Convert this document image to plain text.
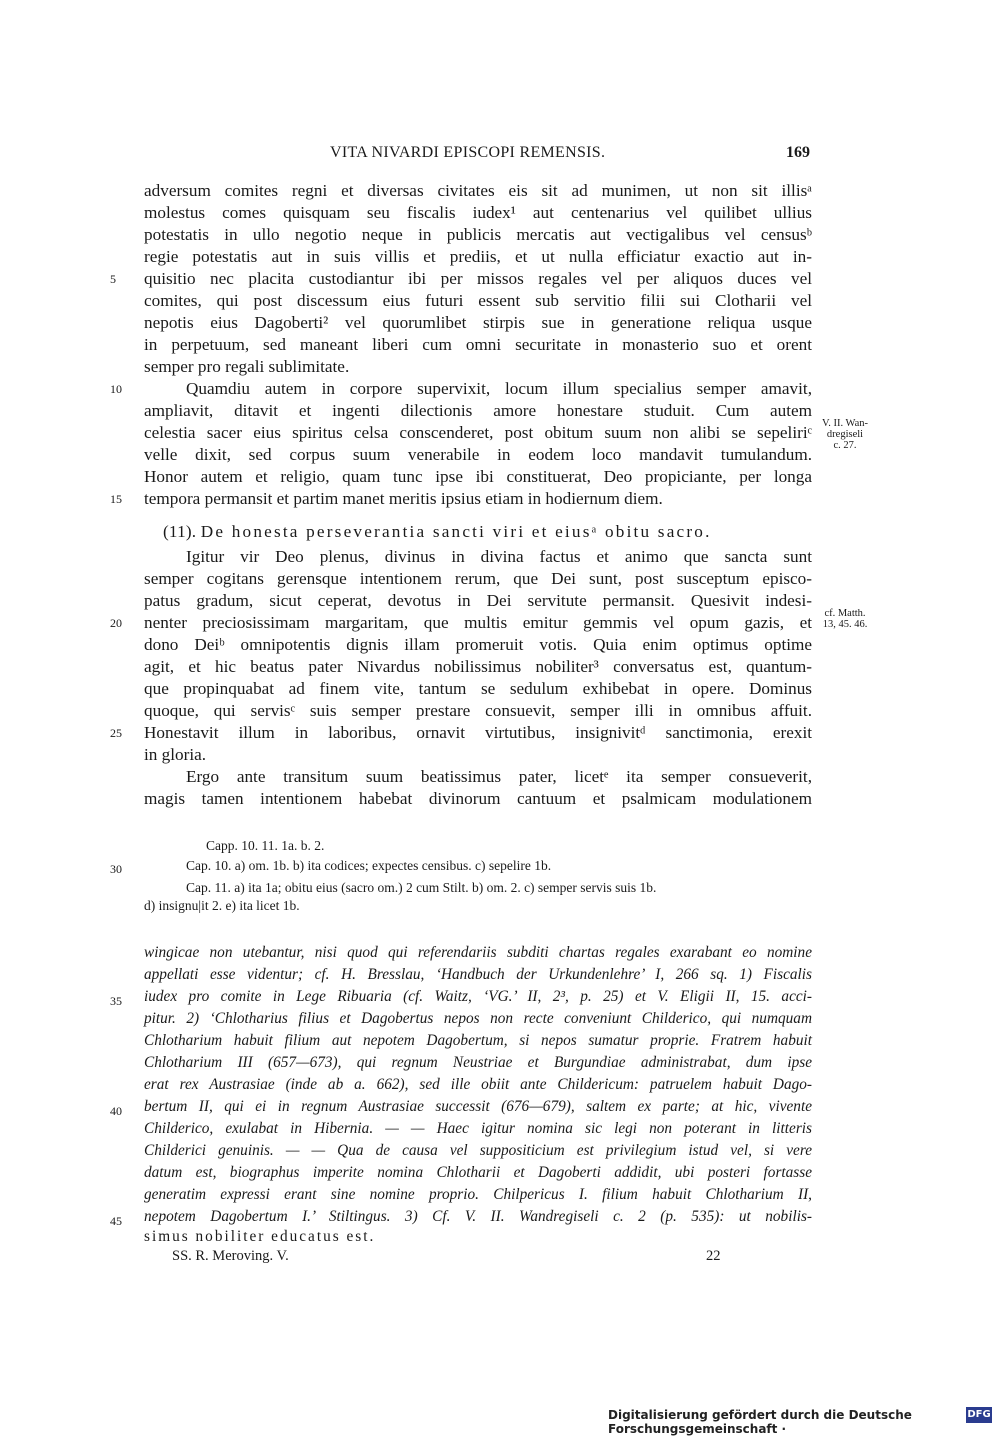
VITA NIVARDI EPISCOPI REMENSIS.	169
adversum comites regni et diversas civitates eis sit ad munimen, ut non sit illisᵃ
molestus comes quisquam seu fiscalis iudex¹ aut centenarius vel quilibet ullius
potestatis in ullo negotio neque in publicis mercatis aut vectigalibus vel censusᵇ
regie potestatis aut in suis villis et prediis, et ut nulla efficiatur exactio aut in-
quisitio nec placita custodiantur ibi per missos regales vel per aliquos duces vel
comites, qui post discessum eius futuri essent sub servitio filii sui Clotharii vel
nepotis eius Dagoberti² vel quorumlibet stirpis sue in generatione reliqua usque
in perpetuum, sed maneant liberi cum omni securitate in monasterio suo et orent
semper pro regali sublimitate.
Quamdiu autem in corpore supervixit, locum illum specialius semper amavit,
ampliavit, ditavit et ingenti dilectionis amore honestare studuit. Cum autem
celestia sacer eius spiritus celsa conscenderet, post obitum suum non alibi se sepeliriᶜ
velle dixit, sed corpus suum venerabile in eodem loco mandavit tumulandum.
Honor autem et religio, quam tunc ipse ibi constituerat, Deo propiciante, per longa
tempora permansit et partim manet meritis ipsius etiam in hodiernum diem.
(11). De honesta perseverantia sancti viri et eiusᵃ obitu sacro.
Igitur vir Deo plenus, divinus in divina factus et animo que sancta sunt
semper cogitans gerensque intentionem rerum, que Dei sunt, post susceptum episco-
patus gradum, sicut ceperat, devotus in Dei servitute permansit. Quesivit indesi-
nenter preciosissimam margaritam, que multis emitur gemmis vel opum gazis, et
dono Deiᵇ omnipotentis dignis illam promeruit votis. Quia enim optimus optime
agit, et hic beatus pater Nivardus nobilissimus nobiliter³ conversatus est, quantum-
que propinquabat ad finem vite, tantum se sedulum exhibebat in opere. Dominus
quoque, qui servisᶜ suis semper prestare consuevit, semper illi in omnibus affuit.
Honestavit illum in laboribus, ornavit virtutibus, insignivitᵈ sanctimonia, erexit
in gloria.
Ergo ante transitum suum beatissimus pater, licetᵉ ita semper consueverit,
magis tamen intentionem habebat divinorum cantuum et psalmicam modulationem
5
10
15
20
25
30
35
40
45
V. II. Wan-
dregiseli
c. 27.
cf. Matth.
13, 45. 46.
Capp. 10. 11. 1a. b. 2.
Cap. 10. a) om. 1b. b) ita codices; expectes censibus. c) sepelire 1b.
Cap. 11. a) ita 1a; obitu eius (sacro om.) 2 cum Stilt. b) om. 2. c) semper servis suis 1b.
d) insignu|it 2. e) ita licet 1b.
wingicae non utebantur, nisi quod qui referendariis subditi chartas regales exarabant eo nomine
appellati esse videntur; cf. H. Bresslau, ‘Handbuch der Urkundenlehre’ I, 266 sq. 1) Fiscalis
iudex pro comite in Lege Ribuaria (cf. Waitz, ‘VG.’ II, 2³, p. 25) et V. Eligii II, 15. acci-
pitur. 2) ‘Chlotharius filius et Dagobertus nepos non recte conveniunt Childerico, qui numquam
Chlotharium habuit filium aut nepotem Dagobertum, si nepos sumatur proprie. Fratrem habuit
Chlotharium III (657—673), qui regnum Neustriae et Burgundiae administrabat, dum ipse
erat rex Austrasiae (inde ab a. 662), sed ille obiit ante Childericum: patruelem habuit Dago-
bertum II, qui ei in regnum Austrasiae successit (676—679), saltem ex parte; at hic, vivente
Childerico, exulabat in Hibernia. — — Haec igitur nomina sic legi non poterant in litteris
Childerici genuinis. — — Qua de causa vel suppositicium est privilegium istud vel, si vere
datum est, biographus imperite nomina Chlotharii et Dagoberti addidit, ubi posteri fortasse
generatim expressi erant sine nomine proprio. Chilpericus I. filium habuit Chlotharium II,
nepotem Dagobertum I.’ Stiltingus. 3) Cf. V. II. Wandregiseli c. 2 (p. 535): ut nobilis-
simus nobiliter educatus est.
SS. R. Meroving. V.	22
Digitalisierung gefördert durch die Deutsche Forschungsgemeinschaft ·
DFG
